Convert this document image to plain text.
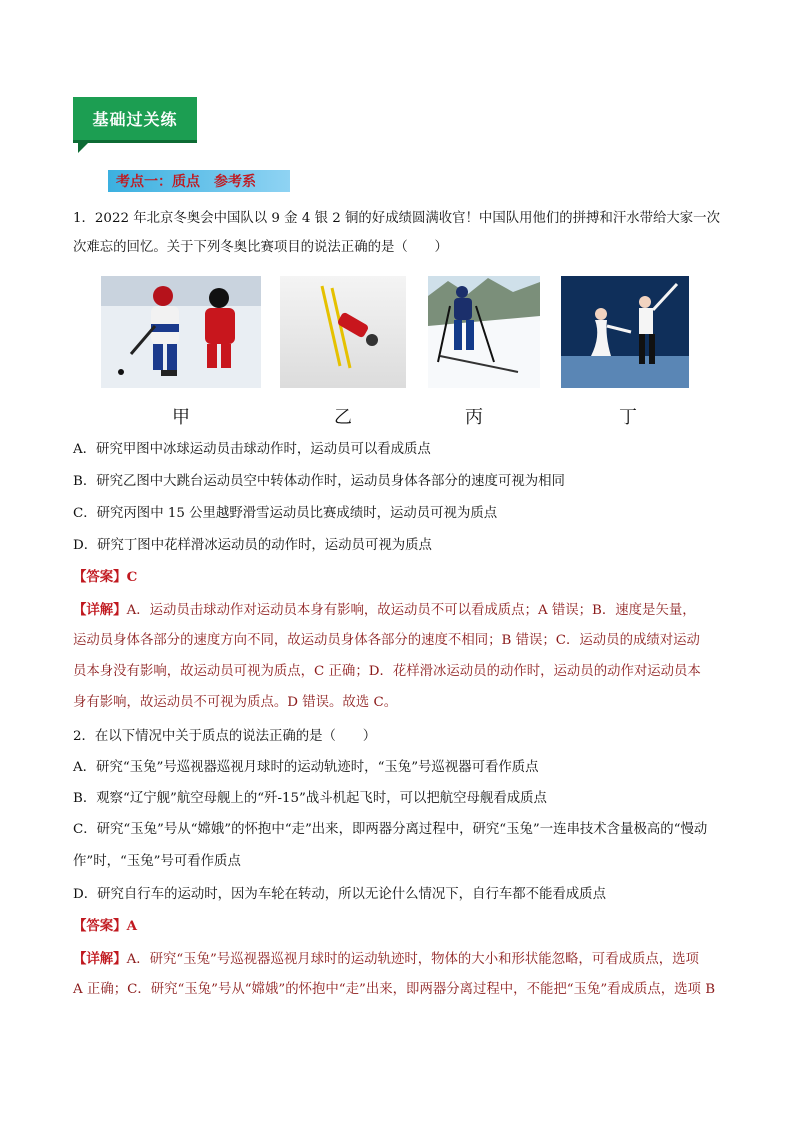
基础过关练
考点一：质点　参考系
1．2022 年北京冬奥会中国队以 9 金 4 银 2 铜的好成绩圆满收官！中国队用他们的拼搏和汗水带给大家一次
次难忘的回忆。关于下列冬奥比赛项目的说法正确的是（　　）
甲	乙	丙	丁
A．研究甲图中冰球运动员击球动作时，运动员可以看成质点
B．研究乙图中大跳台运动员空中转体动作时，运动员身体各部分的速度可视为相同
C．研究丙图中 15 公里越野滑雪运动员比赛成绩时，运动员可视为质点
D．研究丁图中花样滑冰运动员的动作时，运动员可视为质点
【答案】C
【详解】A．运动员击球动作对运动员本身有影响，故运动员不可以看成质点；A 错误；B．速度是矢量，
运动员身体各部分的速度方向不同，故运动员身体各部分的速度不相同；B 错误；C．运动员的成绩对运动
员本身没有影响，故运动员可视为质点，C 正确；D．花样滑冰运动员的动作时，运动员的动作对运动员本
身有影响，故运动员不可视为质点。D 错误。故选 C。
2．在以下情况中关于质点的说法正确的是（　　）
A．研究“玉兔”号巡视器巡视月球时的运动轨迹时，“玉兔”号巡视器可看作质点
B．观察“辽宁舰”航空母舰上的“歼-15”战斗机起飞时，可以把航空母舰看成质点
C．研究“玉兔”号从“嫦娥”的怀抱中“走”出来，即两器分离过程中，研究“玉兔”一连串技术含量极高的“慢动
作”时，“玉兔”号可看作质点
D．研究自行车的运动时，因为车轮在转动，所以无论什么情况下，自行车都不能看成质点
【答案】A
【详解】A．研究“玉兔”号巡视器巡视月球时的运动轨迹时，物体的大小和形状能忽略，可看成质点，选项
A 正确；C．研究“玉兔”号从“嫦娥”的怀抱中“走”出来，即两器分离过程中，不能把“玉兔”看成质点，选项 B
